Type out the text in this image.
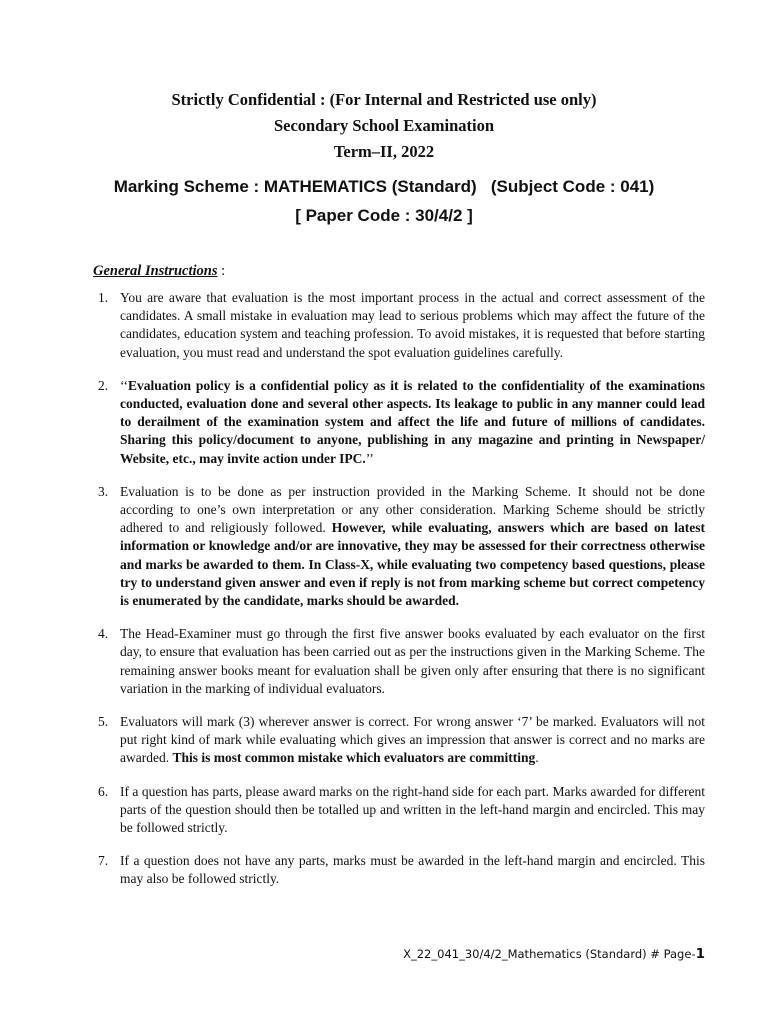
Strictly Confidential : (For Internal and Restricted use only)
Secondary School Examination
Term–II, 2022
Marking Scheme : MATHEMATICS (Standard)   (Subject Code : 041)
[ Paper Code : 30/4/2 ]
General Instructions :
1. You are aware that evaluation is the most important process in the actual and correct assessment of the candidates. A small mistake in evaluation may lead to serious problems which may affect the future of the candidates, education system and teaching profession. To avoid mistakes, it is requested that before starting evaluation, you must read and understand the spot evaluation guidelines carefully.
2. ‘‘Evaluation policy is a confidential policy as it is related to the confidentiality of the examinations conducted, evaluation done and several other aspects. Its leakage to public in any manner could lead to derailment of the examination system and affect the life and future of millions of candidates. Sharing this policy/document to anyone, publishing in any magazine and printing in Newspaper/ Website, etc., may invite action under IPC.’’
3. Evaluation is to be done as per instruction provided in the Marking Scheme. It should not be done according to one’s own interpretation or any other consideration. Marking Scheme should be strictly adhered to and religiously followed. However, while evaluating, answers which are based on latest information or knowledge and/or are innovative, they may be assessed for their correctness otherwise and marks be awarded to them. In Class-X, while evaluating two competency based questions, please try to understand given answer and even if reply is not from marking scheme but correct competency is enumerated by the candidate, marks should be awarded.
4. The Head-Examiner must go through the first five answer books evaluated by each evaluator on the first day, to ensure that evaluation has been carried out as per the instructions given in the Marking Scheme. The remaining answer books meant for evaluation shall be given only after ensuring that there is no significant variation in the marking of individual evaluators.
5. Evaluators will mark (3) wherever answer is correct. For wrong answer ‘7’ be marked. Evaluators will not put right kind of mark while evaluating which gives an impression that answer is correct and no marks are awarded. This is most common mistake which evaluators are committing.
6. If a question has parts, please award marks on the right-hand side for each part. Marks awarded for different parts of the question should then be totalled up and written in the left-hand margin and encircled. This may be followed strictly.
7. If a question does not have any parts, marks must be awarded in the left-hand margin and encircled. This may also be followed strictly.
X_22_041_30/4/2_Mathematics (Standard) # Page-1
